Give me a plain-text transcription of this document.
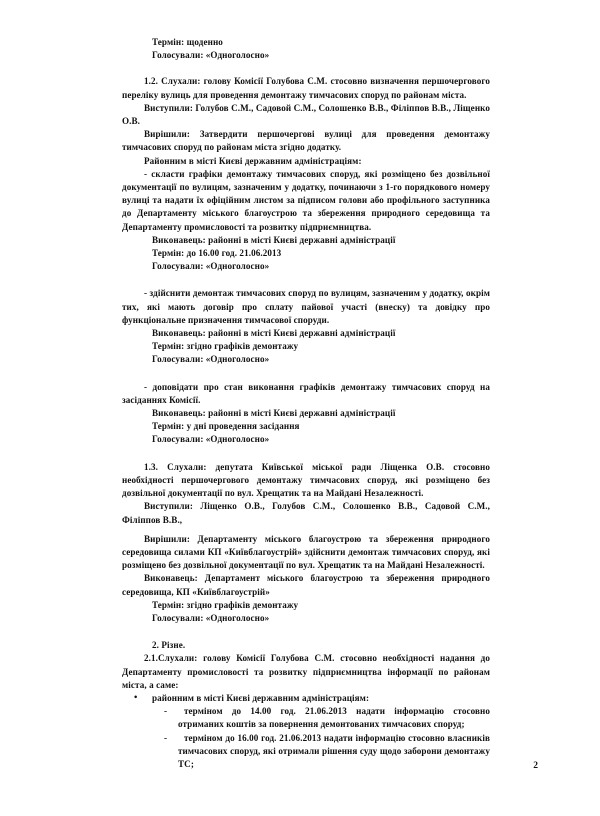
Термін: щоденно

Голосували: «Одноголосно»

1.2. Слухали: голову Комісії Голубова С.М. стосовно визначення першочергового переліку вулиць для проведення демонтажу тимчасових споруд по районам міста.

Виступили: Голубов С.М., Садовой С.М., Солошенко В.В., Філіппов В.В., Ліщенко О.В.

Вирішили: Затвердити першочергові вулиці для проведення демонтажу тимчасових споруд по районам міста згідно додатку.

Районним в місті Києві державним адміністраціям:

- скласти графіки демонтажу тимчасових споруд, які розміщено без дозвільної документації по вулицям, зазначеним у додатку, починаючи з 1-го порядкового номеру вулиці та надати їх офіційним листом за підписом голови або профільного заступника до Департаменту міського благоустрою та збереження природного середовища та Департаменту промисловості та розвитку підприємництва.

Виконавець: районні в місті Києві державні адміністрації

Термін: до 16.00 год. 21.06.2013

Голосували: «Одноголосно»

- здійснити демонтаж тимчасових споруд по вулицям, зазначеним у додатку, окрім тих, які мають договір про сплату пайової участі (внеску) та довідку про функціональне призначення тимчасової споруди.

Виконавець: районні в місті Києві державні адміністрації

Термін: згідно графіків демонтажу

Голосували: «Одноголосно»

- доповідати про стан виконання графіків демонтажу тимчасових споруд на засіданнях Комісії.

Виконавець: районні в місті Києві державні адміністрації

Термін: у дні проведення засідання

Голосували: «Одноголосно»

1.3. Слухали: депутата Київської міської ради Ліщенка О.В. стосовно необхідності першочергового демонтажу тимчасових споруд, які розміщено без дозвільної документації по вул. Хрещатик та на Майдані Незалежності.

Виступили: Ліщенко О.В., Голубов С.М., Солошенко В.В., Садовой С.М., Філіппов В.В.,

Вирішили: Департаменту міського благоустрою та збереження природного середовища силами КП «Київблагоустрій» здійснити демонтаж тимчасових споруд, які розміщено без дозвільної документації по вул. Хрещатик та на Майдані Незалежності.

Виконавець: Департамент міського благоустрою та збереження природного середовища, КП «Київблагоустрій»

Термін: згідно графіків демонтажу

Голосували: «Одноголосно»

2. Різне.

2.1.Слухали: голову Комісії Голубова С.М. стосовно необхідності надання до Департаменту промисловості та розвитку підприємництва інформації по районам міста, а саме:

•	районним в місті Києві державним адміністраціям:
-	терміном до 14.00 год. 21.06.2013 надати інформацію стосовно отриманих коштів за повернення демонтованих тимчасових споруд;
-	терміном до 16.00 год. 21.06.2013 надати інформацію стосовно власників тимчасових споруд, які отримали рішення суду щодо заборони демонтажу ТС;	2
